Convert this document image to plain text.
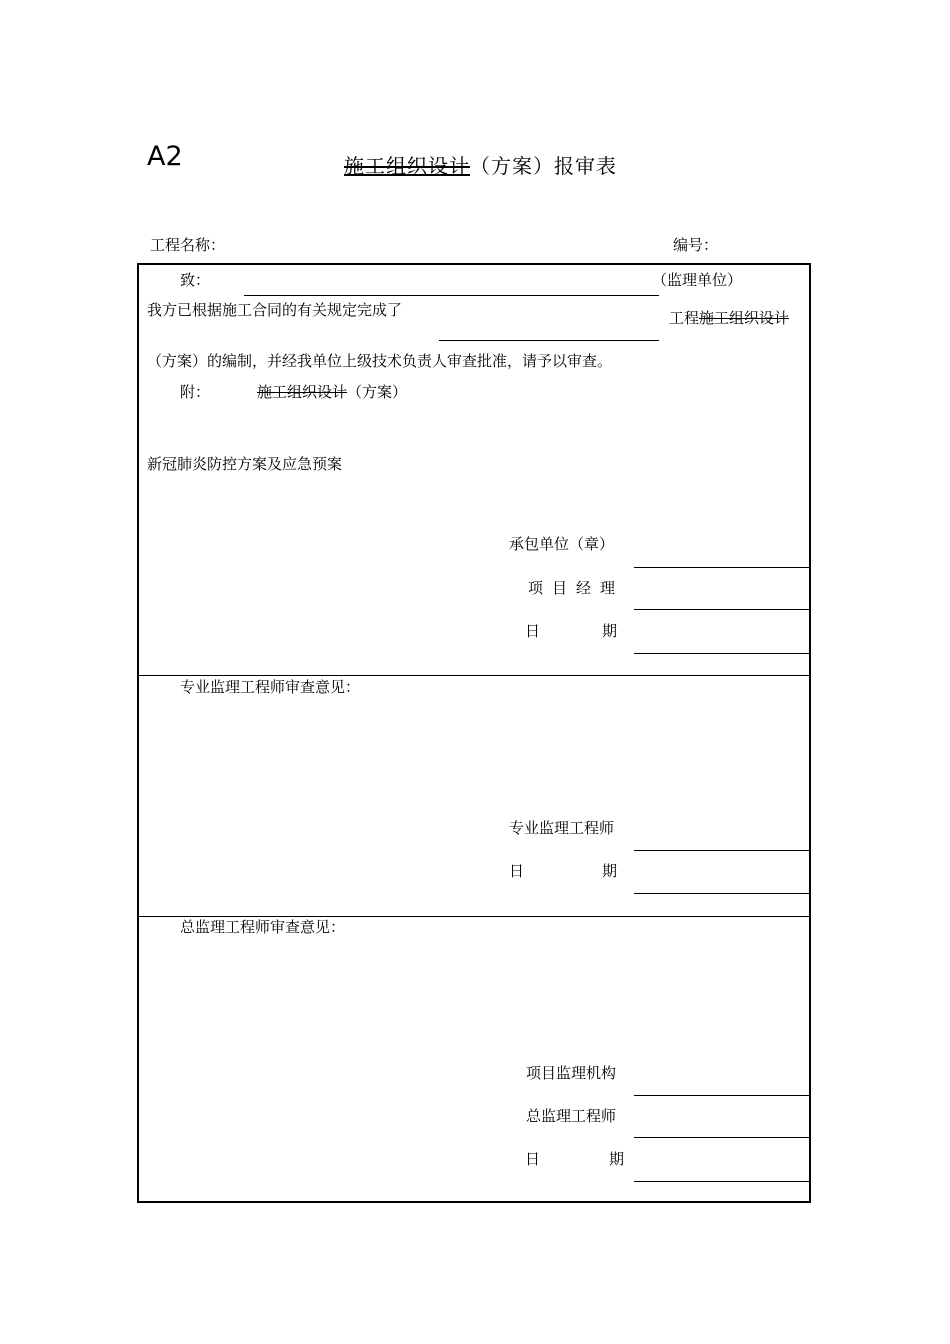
A2	施工组织设计（方案）报审表
工程名称：	编号：
致：	（监理单位）
我方已根据施工合同的有关规定完成了	工程施工组织设计
（方案）的编制，并经我单位上级技术负责人审查批准，请予以审查。
附：	施工组织设计（方案）
新冠肺炎防控方案及应急预案
承包单位（章）
项目经理
日	期
专业监理工程师审查意见：
专业监理工程师
日	期
总监理工程师审查意见：
项目监理机构
总监理工程师
日	期
